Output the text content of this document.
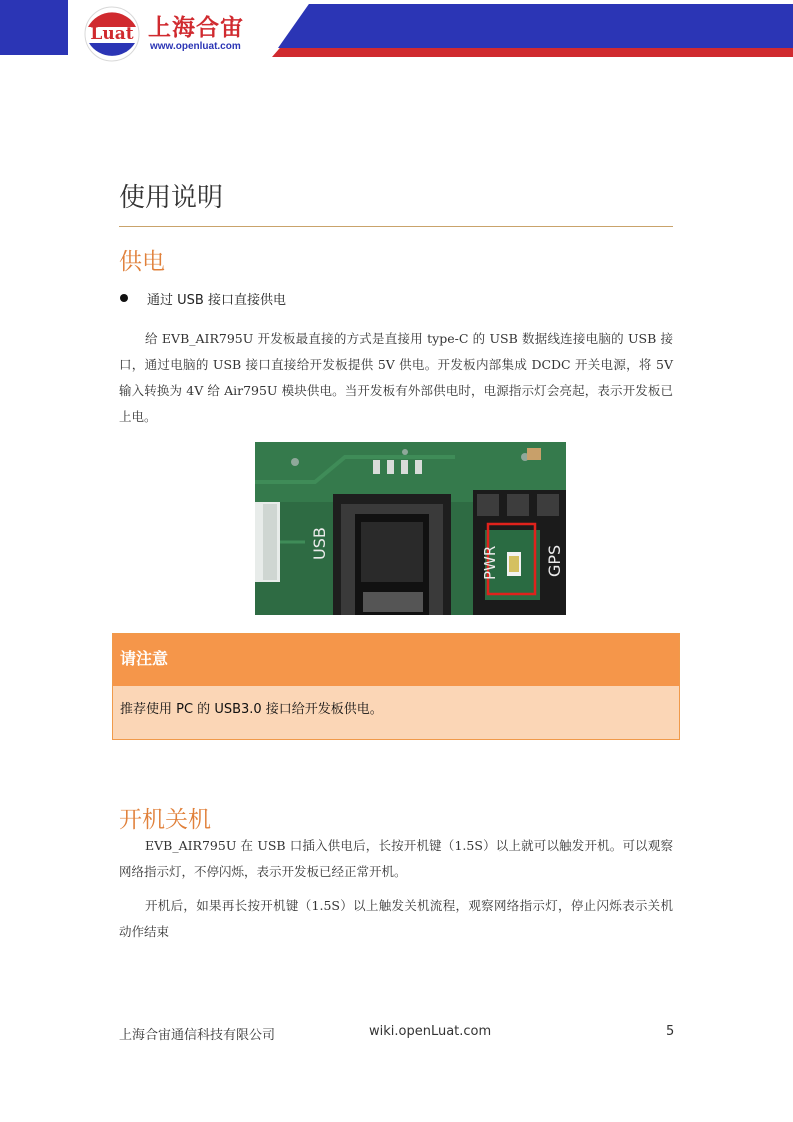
Luat 上海合宙
www.openluat.com
使用说明
供电
通过 USB 接口直接供电

给 EVB_AIR795U 开发板最直接的方式是直接用 type-C 的 USB 数据线连接电脑的 USB 接口，通过电脑的 USB 接口直接给开发板提供 5V 供电。开发板内部集成 DCDC 开关电源，将 5V 输入转换为 4V 给 Air795U 模块供电。当开发板有外部供电时，电源指示灯会亮起，表示开发板已上电。

USB
PWR	GPS
请注意
推荐使用 PC 的 USB3.0 接口给开发板供电。
开机关机

EVB_AIR795U 在 USB 口插入供电后，长按开机键（1.5S）以上就可以触发开机。可以观察网络指示灯，不停闪烁，表示开发板已经正常开机。

开机后，如果再长按开机键（1.5S）以上触发关机流程，观察网络指示灯，停止闪烁表示关机动作结束

上海合宙通信科技有限公司	wiki.openLuat.com	5
